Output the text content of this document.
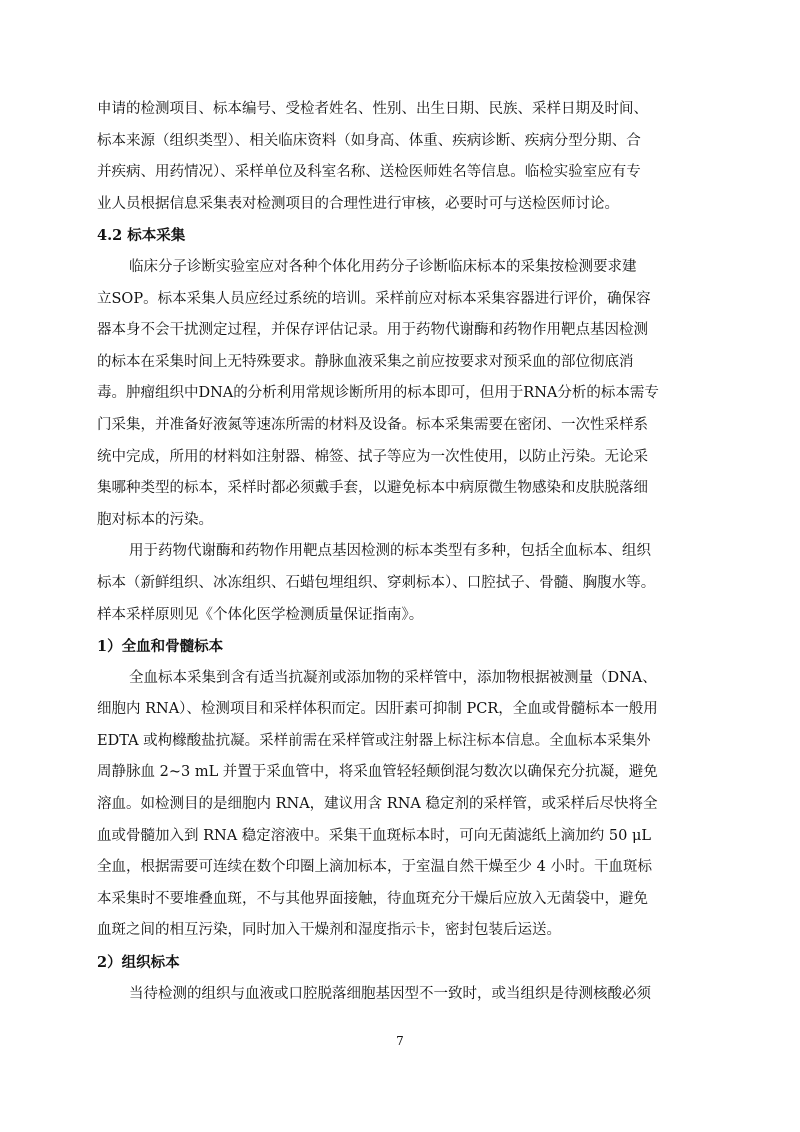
申请的检测项目、标本编号、受检者姓名、性别、出生日期、民族、采样日期及时间、
标本来源（组织类型）、相关临床资料（如身高、体重、疾病诊断、疾病分型分期、合
并疾病、用药情况）、采样单位及科室名称、送检医师姓名等信息。临检实验室应有专
业人员根据信息采集表对检测项目的合理性进行审核，必要时可与送检医师讨论。

4.2 标本采集

临床分子诊断实验室应对各种个体化用药分子诊断临床标本的采集按检测要求建
立SOP。标本采集人员应经过系统的培训。采样前应对标本采集容器进行评价，确保容
器本身不会干扰测定过程，并保存评估记录。用于药物代谢酶和药物作用靶点基因检测
的标本在采集时间上无特殊要求。静脉血液采集之前应按要求对预采血的部位彻底消
毒。肿瘤组织中DNA的分析利用常规诊断所用的标本即可，但用于RNA分析的标本需专
门采集，并准备好液氮等速冻所需的材料及设备。标本采集需要在密闭、一次性采样系
统中完成，所用的材料如注射器、棉签、拭子等应为一次性使用，以防止污染。无论采
集哪种类型的标本，采样时都必须戴手套，以避免标本中病原微生物感染和皮肤脱落细
胞对标本的污染。

用于药物代谢酶和药物作用靶点基因检测的标本类型有多种，包括全血标本、组织
标本（新鲜组织、冰冻组织、石蜡包埋组织、穿刺标本）、口腔拭子、骨髓、胸腹水等。
样本采样原则见《个体化医学检测质量保证指南》。

1）全血和骨髓标本

全血标本采集到含有适当抗凝剂或添加物的采样管中，添加物根据被测量（DNA、
细胞内 RNA）、检测项目和采样体积而定。因肝素可抑制 PCR，全血或骨髓标本一般用
EDTA 或枸橼酸盐抗凝。采样前需在采样管或注射器上标注标本信息。全血标本采集外
周静脉血 2~3 mL 并置于采血管中，将采血管轻轻颠倒混匀数次以确保充分抗凝，避免
溶血。如检测目的是细胞内 RNA，建议用含 RNA 稳定剂的采样管，或采样后尽快将全
血或骨髓加入到 RNA 稳定溶液中。采集干血斑标本时，可向无菌滤纸上滴加约 50 μL
全血，根据需要可连续在数个印圈上滴加标本，于室温自然干燥至少 4 小时。干血斑标
本采集时不要堆叠血斑，不与其他界面接触，待血斑充分干燥后应放入无菌袋中，避免
血斑之间的相互污染，同时加入干燥剂和湿度指示卡，密封包装后运送。

2）组织标本

当待检测的组织与血液或口腔脱落细胞基因型不一致时，或当组织是待测核酸必须

7
